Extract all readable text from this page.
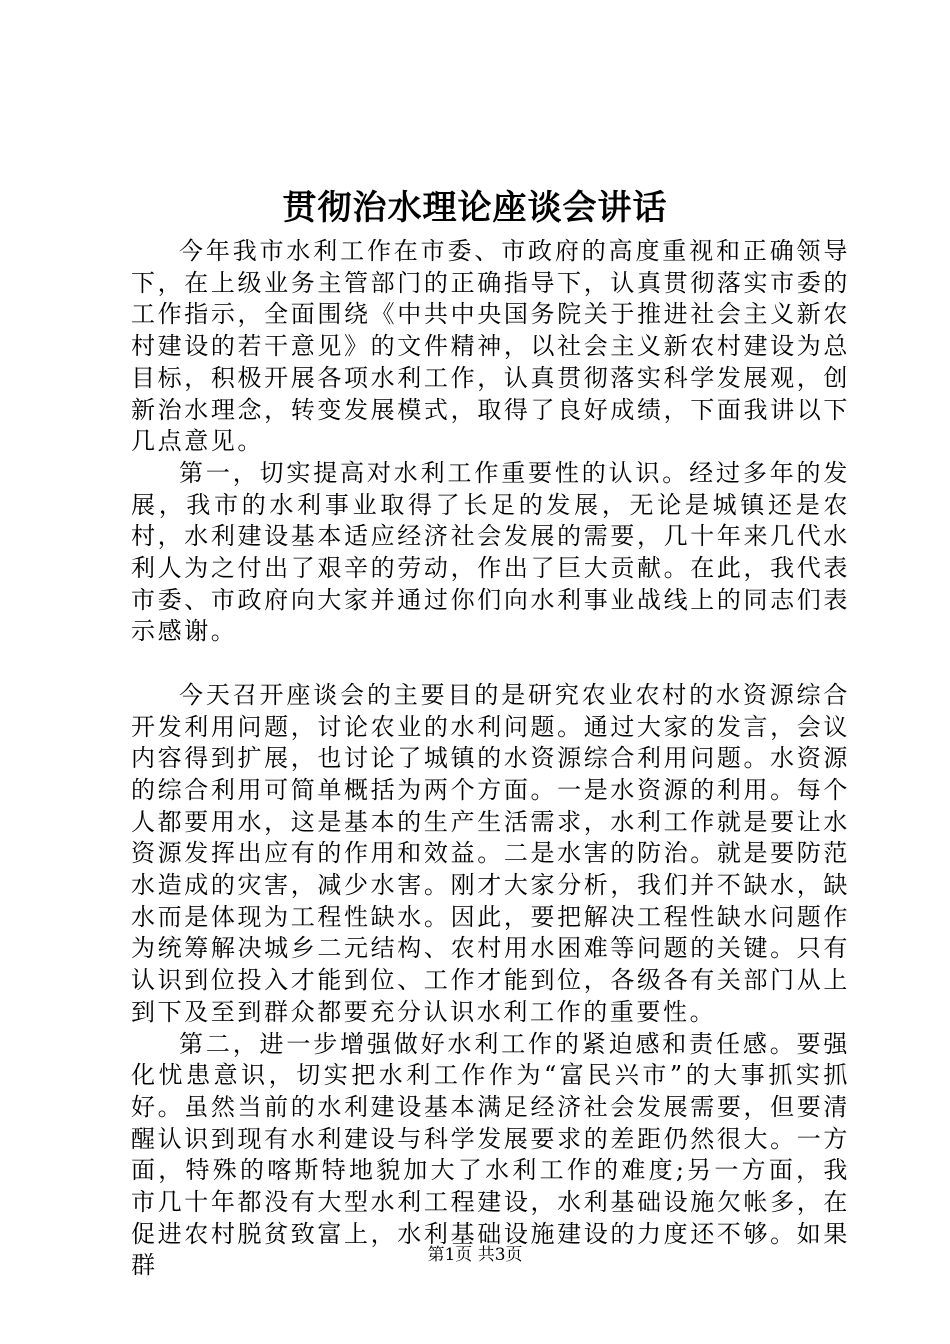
贯彻治水理论座谈会讲话

今年我市水利工作在市委、市政府的高度重视和正确领导下，在上级业务主管部门的正确指导下，认真贯彻落实市委的工作指示，全面围绕《中共中央国务院关于推进社会主义新农村建设的若干意见》的文件精神，以社会主义新农村建设为总目标，积极开展各项水利工作，认真贯彻落实科学发展观，创新治水理念，转变发展模式，取得了良好成绩，下面我讲以下几点意见。

第一，切实提高对水利工作重要性的认识。经过多年的发展，我市的水利事业取得了长足的发展，无论是城镇还是农村，水利建设基本适应经济社会发展的需要，几十年来几代水利人为之付出了艰辛的劳动，作出了巨大贡献。在此，我代表市委、市政府向大家并通过你们向水利事业战线上的同志们表示感谢。

今天召开座谈会的主要目的是研究农业农村的水资源综合开发利用问题，讨论农业的水利问题。通过大家的发言，会议内容得到扩展，也讨论了城镇的水资源综合利用问题。水资源的综合利用可简单概括为两个方面。一是水资源的利用。每个人都要用水，这是基本的生产生活需求，水利工作就是要让水资源发挥出应有的作用和效益。二是水害的防治。就是要防范水造成的灾害，减少水害。刚才大家分析，我们并不缺水，缺水而是体现为工程性缺水。因此，要把解决工程性缺水问题作为统筹解决城乡二元结构、农村用水困难等问题的关键。只有认识到位投入才能到位、工作才能到位，各级各有关部门从上到下及至到群众都要充分认识水利工作的重要性。

第二，进一步增强做好水利工作的紧迫感和责任感。要强化忧患意识，切实把水利工作作为“富民兴市”的大事抓实抓好。虽然当前的水利建设基本满足经济社会发展需要，但要清醒认识到现有水利建设与科学发展要求的差距仍然很大。一方面，特殊的喀斯特地貌加大了水利工作的难度;另一方面，我市几十年都没有大型水利工程建设，水利基础设施欠帐多，在促进农村脱贫致富上，水利基础设施建设的力度还不够。如果群	第1页 共3页
